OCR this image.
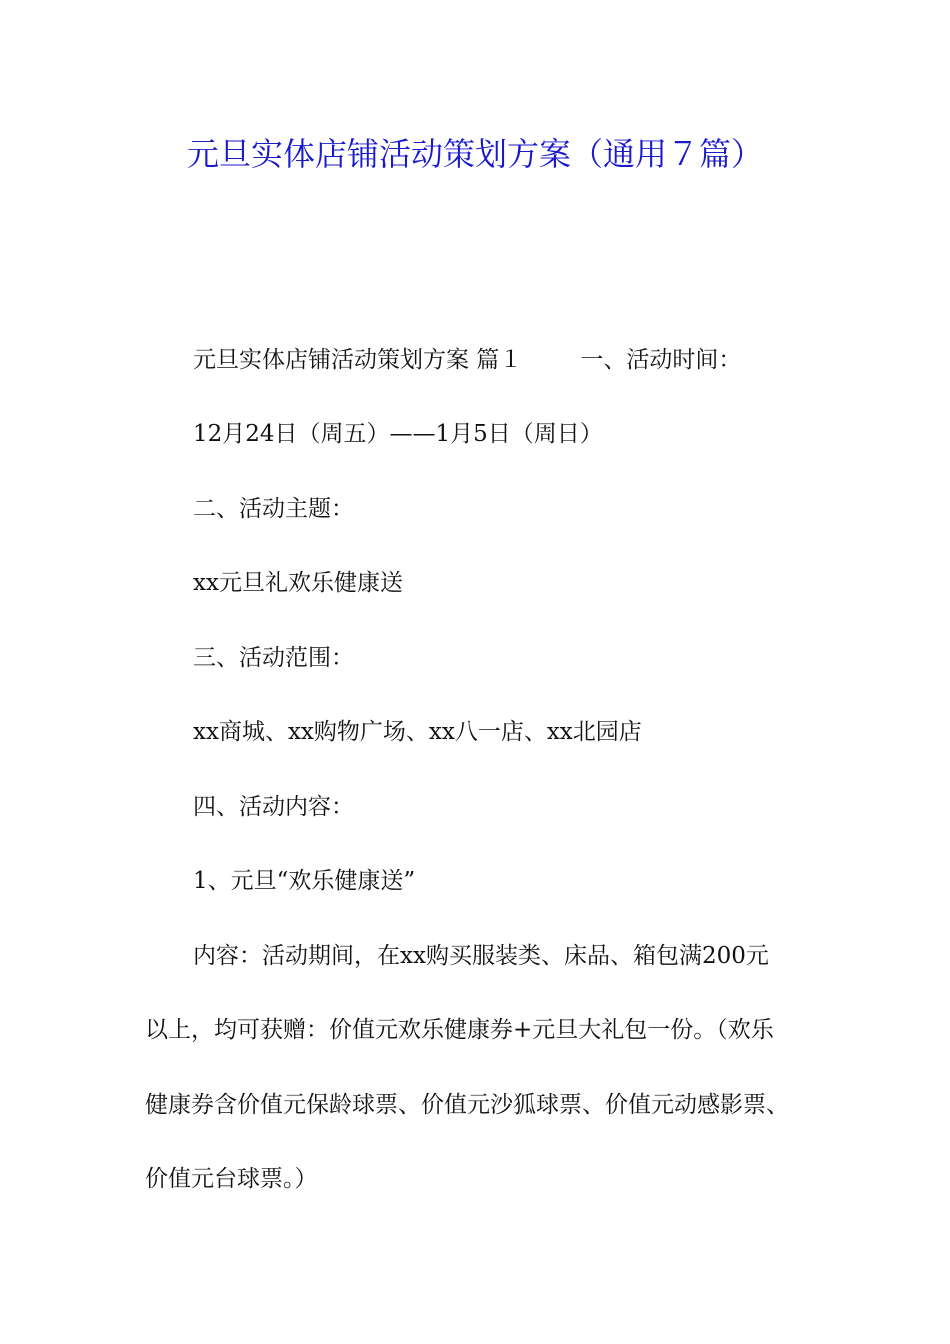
元旦实体店铺活动策划方案（通用７篇）
元旦实体店铺活动策划方案 篇１	一、活动时间：
12月24日（周五）——1月5日（周日）
二、活动主题：
xx元旦礼欢乐健康送
三、活动范围：
xx商城、xx购物广场、xx八一店、xx北园店
四、活动内容：
1、元旦“欢乐健康送”
内容：活动期间，在xx购买服装类、床品、箱包满200元
以上，均可获赠：价值元欢乐健康券+元旦大礼包一份。（欢乐
健康券含价值元保龄球票、价值元沙狐球票、价值元动感影票、
价值元台球票。）
